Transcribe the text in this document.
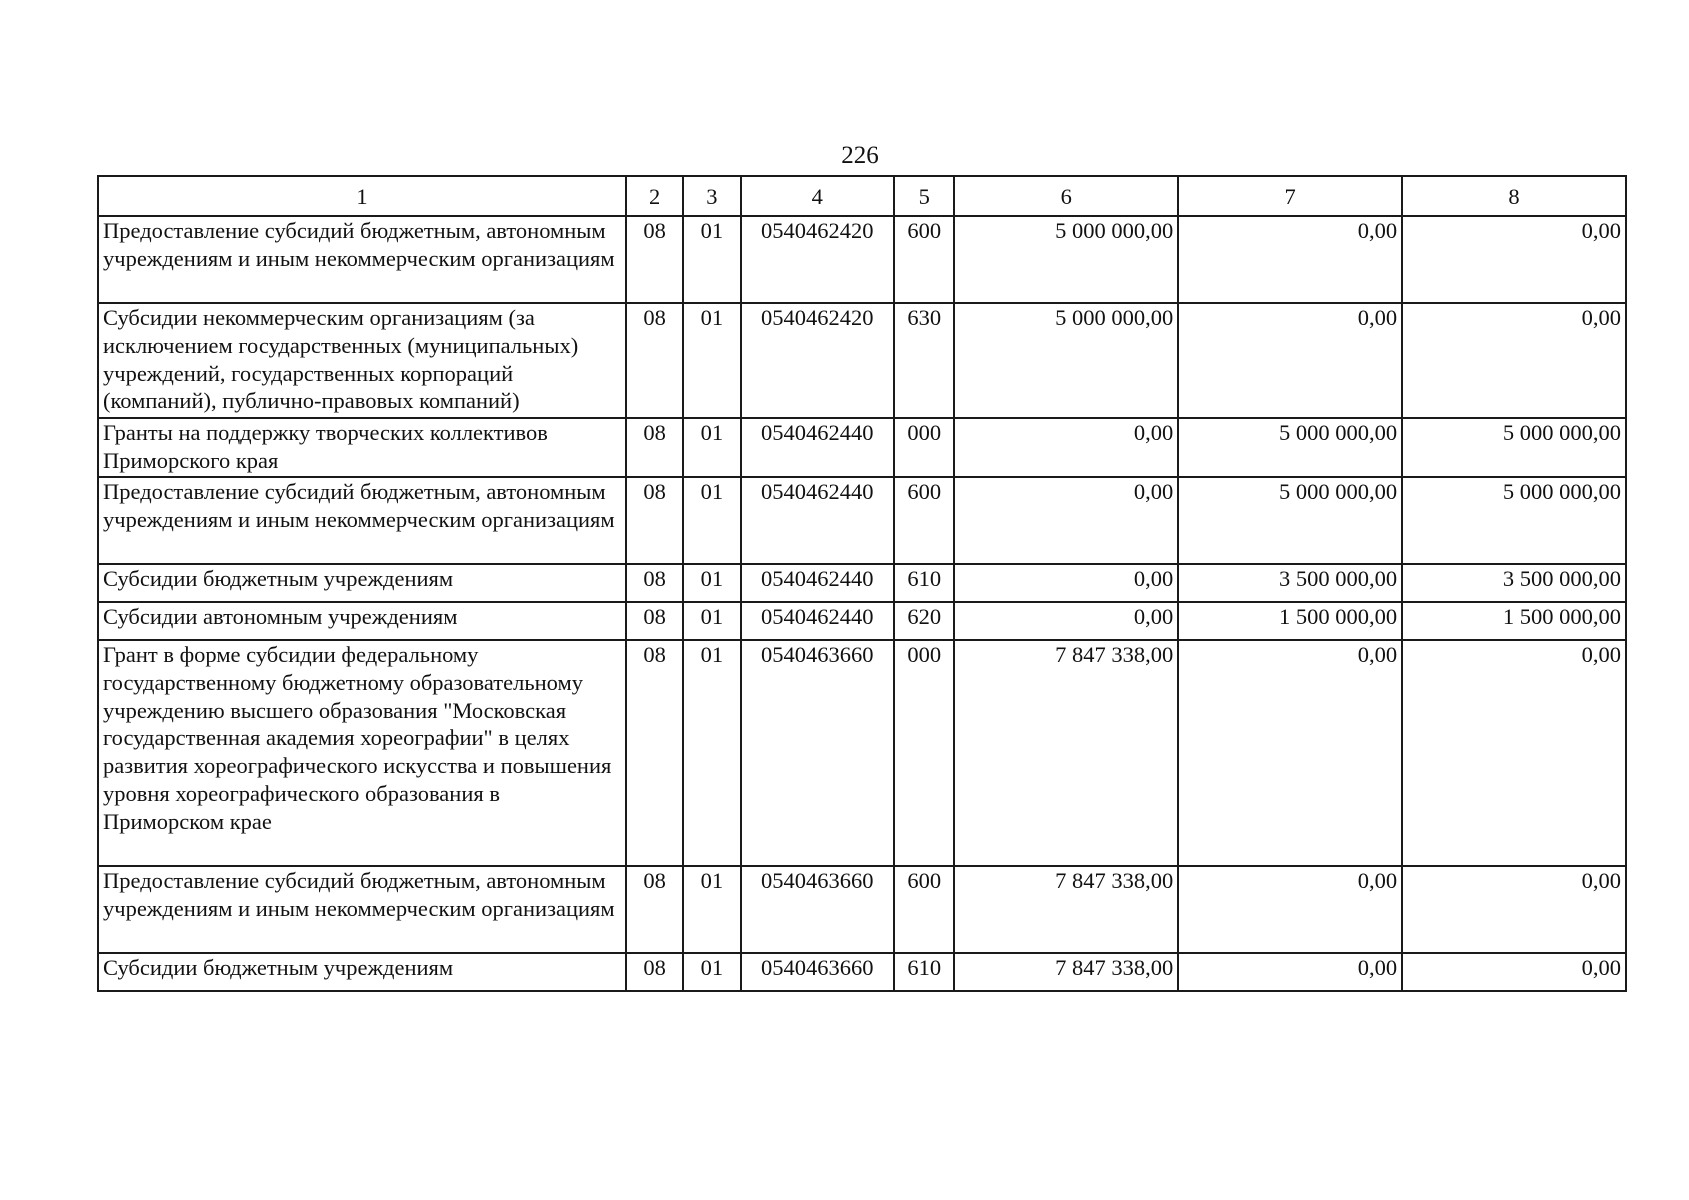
226
1	2	3	4	5	6	7	8
Предоставление субсидий бюджетным, автономным учреждениям и иным некоммерческим организациям	08	01	0540462420	600	5 000 000,00	0,00	0,00
Субсидии некоммерческим организациям (за исключением государственных (муниципальных) учреждений, государственных корпораций (компаний), публично-правовых компаний)	08	01	0540462420	630	5 000 000,00	0,00	0,00
Гранты на поддержку творческих коллективов Приморского края	08	01	0540462440	000	0,00	5 000 000,00	5 000 000,00
Предоставление субсидий бюджетным, автономным учреждениям и иным некоммерческим организациям	08	01	0540462440	600	0,00	5 000 000,00	5 000 000,00
Субсидии бюджетным учреждениям	08	01	0540462440	610	0,00	3 500 000,00	3 500 000,00
Субсидии автономным учреждениям	08	01	0540462440	620	0,00	1 500 000,00	1 500 000,00
Грант в форме субсидии федеральному государственному бюджетному образовательному учреждению высшего образования "Московская государственная академия хореографии" в целях развития хореографического искусства и повышения уровня хореографического образования в Приморском крае	08	01	0540463660	000	7 847 338,00	0,00	0,00
Предоставление субсидий бюджетным, автономным учреждениям и иным некоммерческим организациям	08	01	0540463660	600	7 847 338,00	0,00	0,00
Субсидии бюджетным учреждениям	08	01	0540463660	610	7 847 338,00	0,00	0,00
